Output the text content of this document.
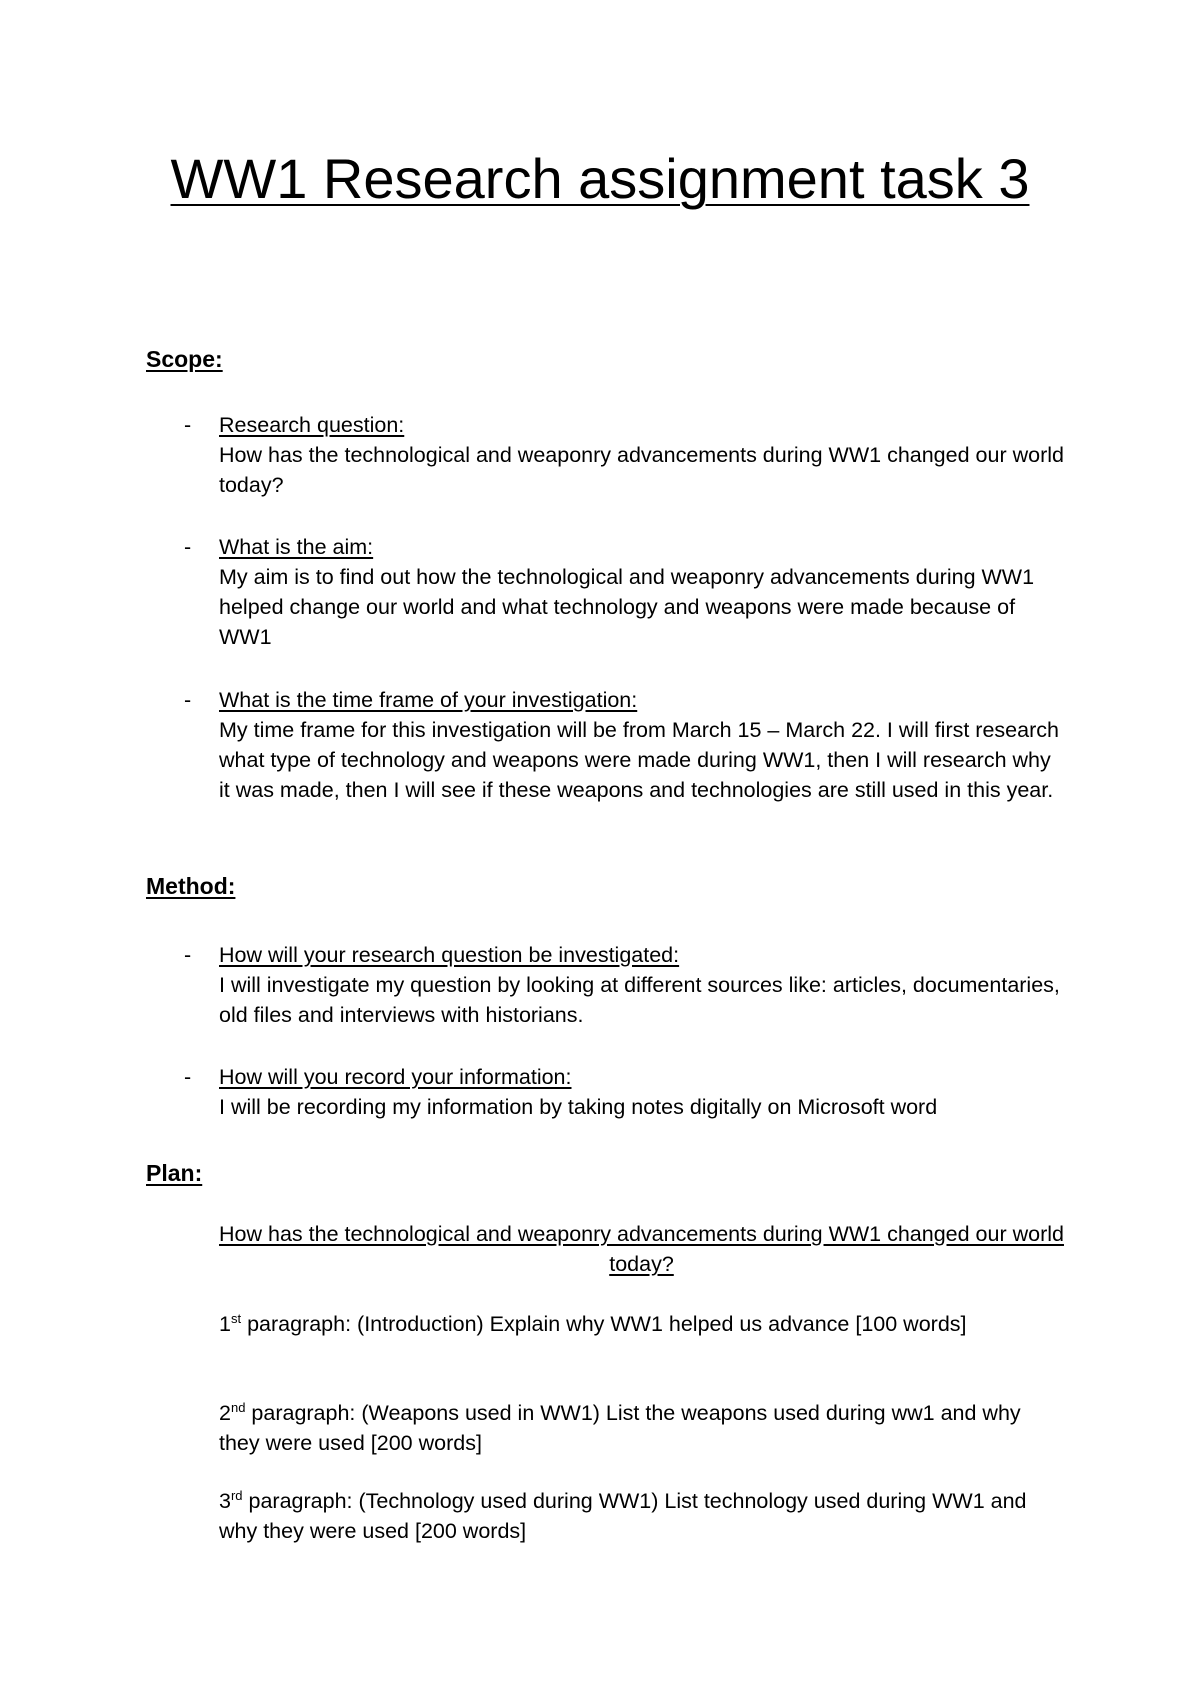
WW1 Research assignment task 3
Scope:
-	Research question:
How has the technological and weaponry advancements during WW1 changed our world today?
-	What is the aim:
My aim is to find out how the technological and weaponry advancements during WW1 helped change our world and what technology and weapons were made because of WW1
-	What is the time frame of your investigation:
My time frame for this investigation will be from March 15 – March 22. I will first research what type of technology and weapons were made during WW1, then I will research why it was made, then I will see if these weapons and technologies are still used in this year.
Method:
-	How will your research question be investigated:
I will investigate my question by looking at different sources like: articles, documentaries, old files and interviews with historians.
-	How will you record your information:
I will be recording my information by taking notes digitally on Microsoft word
Plan:
How has the technological and weaponry advancements during WW1 changed our world today?
1st paragraph: (Introduction) Explain why WW1 helped us advance [100 words]
2nd paragraph: (Weapons used in WW1) List the weapons used during ww1 and why they were used [200 words]
3rd paragraph: (Technology used during WW1) List technology used during WW1 and why they were used [200 words]
